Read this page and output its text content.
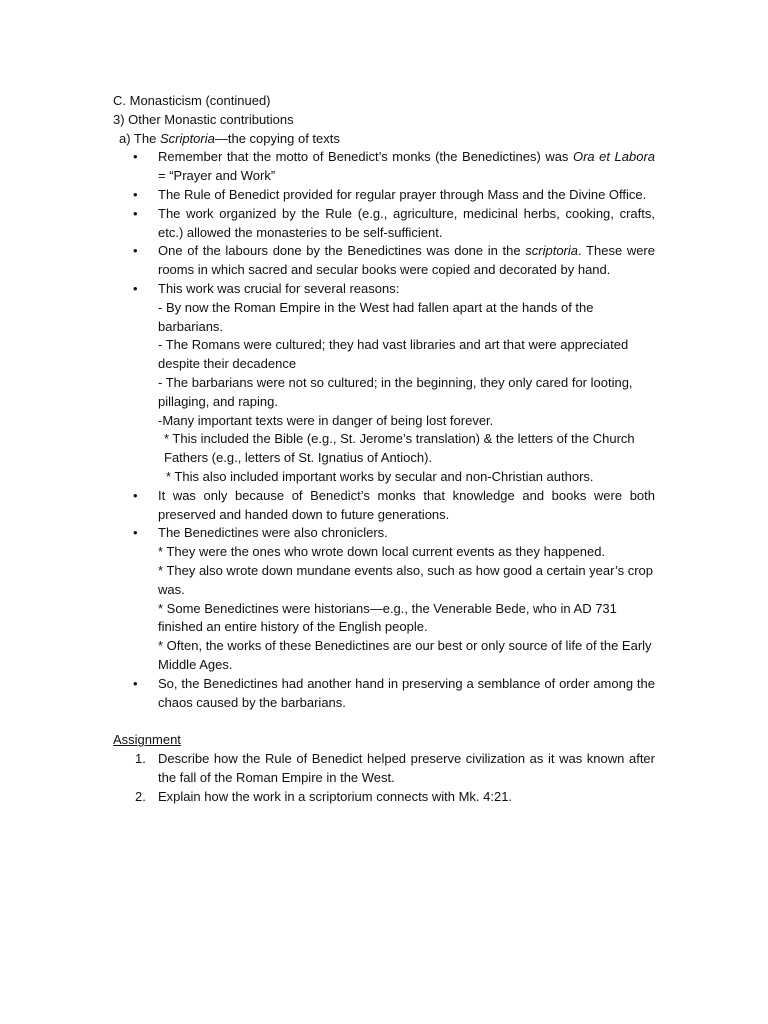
C. Monasticism (continued)

3) Other Monastic contributions

a) The Scriptoria—the copying of texts

• Remember that the motto of Benedict’s monks (the Benedictines) was Ora et Labora = “Prayer and Work”
• The Rule of Benedict provided for regular prayer through Mass and the Divine Office.
• The work organized by the Rule (e.g., agriculture, medicinal herbs, cooking, crafts, etc.) allowed the monasteries to be self-sufficient.
• One of the labours done by the Benedictines was done in the scriptoria. These were rooms in which sacred and secular books were copied and decorated by hand.
• This work was crucial for several reasons:
- By now the Roman Empire in the West had fallen apart at the hands of the barbarians.
- The Romans were cultured; they had vast libraries and art that were appreciated despite their decadence
- The barbarians were not so cultured; in the beginning, they only cared for looting, pillaging, and raping.
-Many important texts were in danger of being lost forever.
* This included the Bible (e.g., St. Jerome’s translation) & the letters of the Church Fathers (e.g., letters of St. Ignatius of Antioch).
* This also included important works by secular and non-Christian authors.
• It was only because of Benedict’s monks that knowledge and books were both preserved and handed down to future generations.
• The Benedictines were also chroniclers.
* They were the ones who wrote down local current events as they happened.
* They also wrote down mundane events also, such as how good a certain year’s crop was.
* Some Benedictines were historians—e.g., the Venerable Bede, who in AD 731 finished an entire history of the English people.
* Often, the works of these Benedictines are our best or only source of life of the Early Middle Ages.
• So, the Benedictines had another hand in preserving a semblance of order among the chaos caused by the barbarians.

Assignment

1. Describe how the Rule of Benedict helped preserve civilization as it was known after the fall of the Roman Empire in the West.
2. Explain how the work in a scriptorium connects with Mk. 4:21.
